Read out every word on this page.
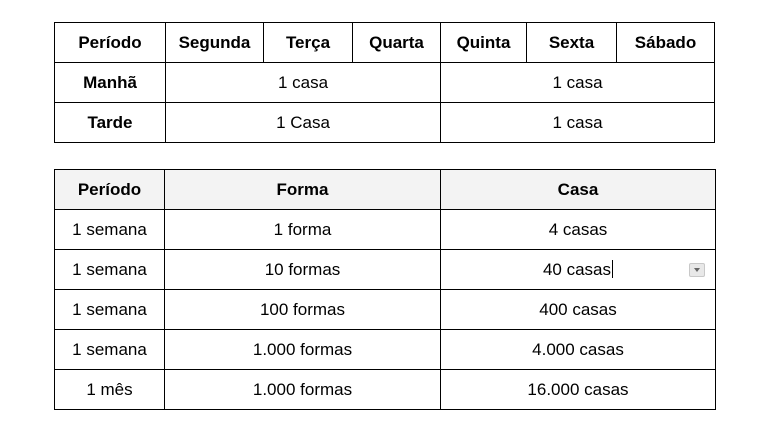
Período	Segunda	Terça	Quarta	Quinta	Sexta	Sábado
Manhã	1 casa			1 casa		
Tarde	1 Casa			1 casa		
Período	Forma	Casa
1 semana	1 forma	4 casas
1 semana	10 formas	40 casas

1 semana	100 formas	400 casas
1 semana	1.000 formas	4.000 casas
1 mês	1.000 formas	16.000 casas
